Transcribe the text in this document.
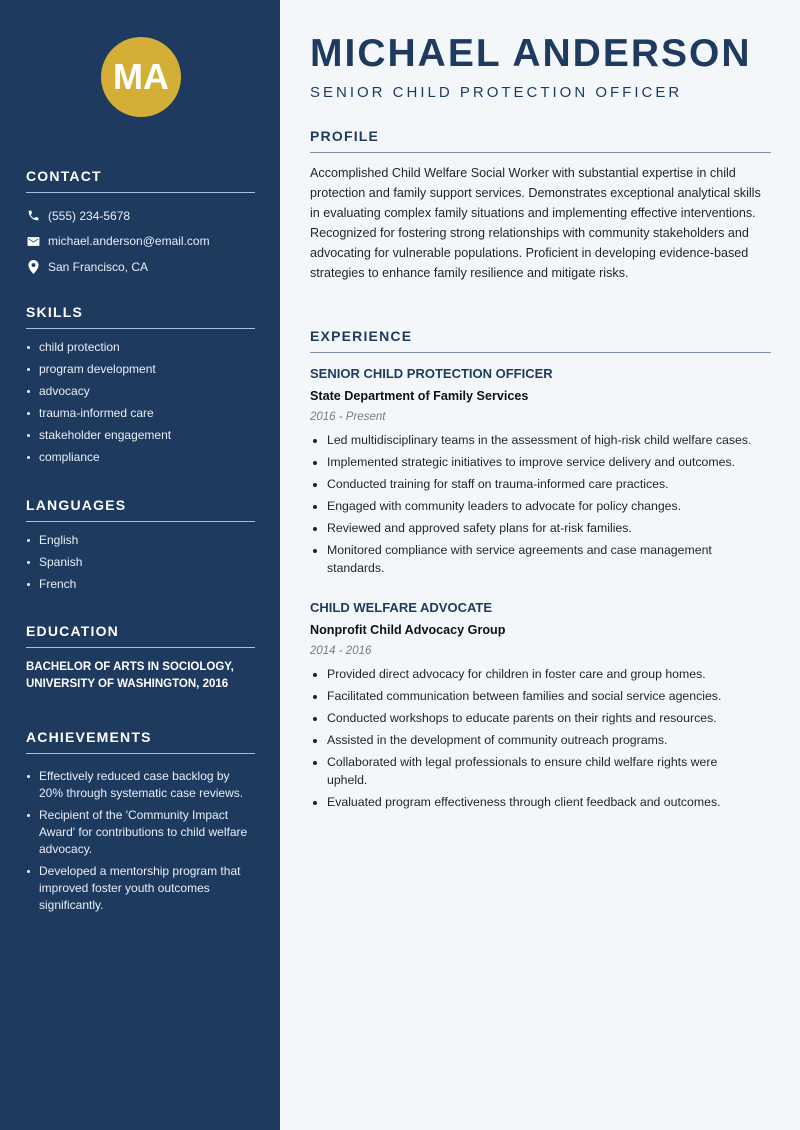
MA
CONTACT
(555) 234-5678
michael.anderson@email.com
San Francisco, CA
SKILLS
child protection
program development
advocacy
trauma-informed care
stakeholder engagement
compliance
LANGUAGES
English
Spanish
French
EDUCATION
BACHELOR OF ARTS IN SOCIOLOGY,
UNIVERSITY OF WASHINGTON, 2016
ACHIEVEMENTS
Effectively reduced case backlog by 20% through systematic case reviews.
Recipient of the 'Community Impact Award' for contributions to child welfare advocacy.
Developed a mentorship program that improved foster youth outcomes significantly.
MICHAEL ANDERSON
SENIOR CHILD PROTECTION OFFICER
PROFILE

Accomplished Child Welfare Social Worker with substantial expertise in child protection and family support services. Demonstrates exceptional analytical skills in evaluating complex family situations and implementing effective interventions. Recognized for fostering strong relationships with community stakeholders and advocating for vulnerable populations. Proficient in developing evidence-based strategies to enhance family resilience and mitigate risks.

EXPERIENCE
SENIOR CHILD PROTECTION OFFICER
State Department of Family Services
2016 - Present
Led multidisciplinary teams in the assessment of high-risk child welfare cases.
Implemented strategic initiatives to improve service delivery and outcomes.
Conducted training for staff on trauma-informed care practices.
Engaged with community leaders to advocate for policy changes.
Reviewed and approved safety plans for at-risk families.
Monitored compliance with service agreements and case management standards.
CHILD WELFARE ADVOCATE
Nonprofit Child Advocacy Group
2014 - 2016
Provided direct advocacy for children in foster care and group homes.
Facilitated communication between families and social service agencies.
Conducted workshops to educate parents on their rights and resources.
Assisted in the development of community outreach programs.
Collaborated with legal professionals to ensure child welfare rights were upheld.
Evaluated program effectiveness through client feedback and outcomes.
